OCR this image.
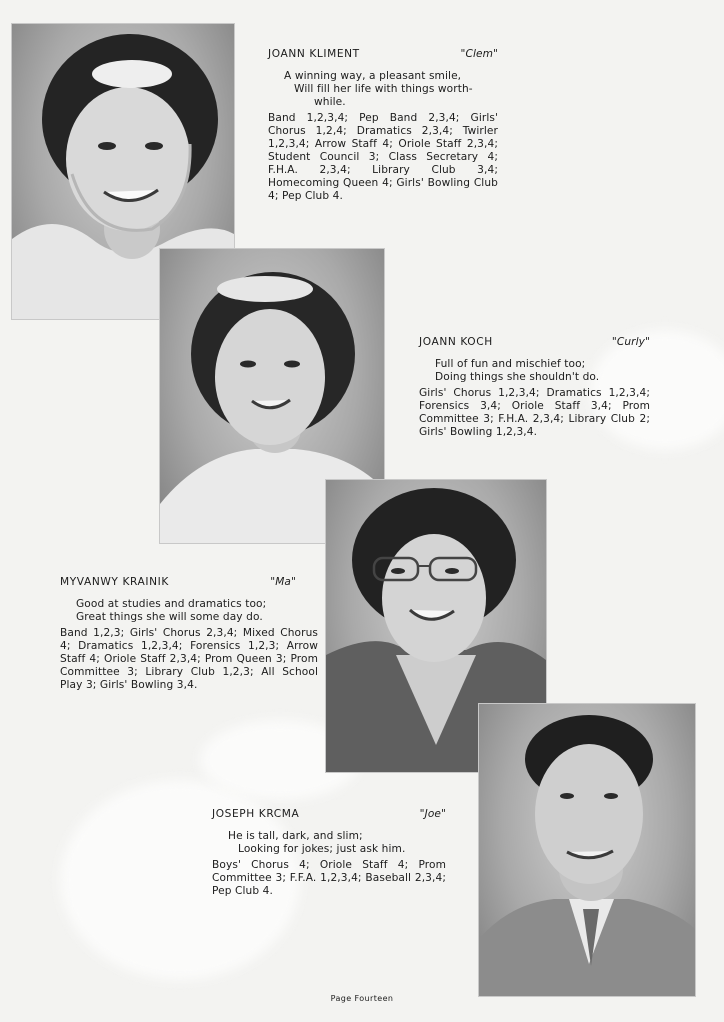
JOANN KLIMENT	"Clem"
A winning way, a pleasant smile,
Will fill her life with things worth-
while.
Band 1,2,3,4; Pep Band 2,3,4; Girls' Chorus 1,2,4; Dramatics 2,3,4; Twirler 1,2,3,4; Arrow Staff 4; Oriole Staff 2,3,4; Student Council 3; Class Secretary 4; F.H.A. 2,3,4; Library Club 3,4; Homecoming Queen 4; Girls' Bowling Club 4; Pep Club 4.
JOANN KOCH	"Curly"
Full of fun and mischief too;
Doing things she shouldn't do.
Girls' Chorus 1,2,3,4; Dramatics 1,2,3,4; Forensics 3,4; Oriole Staff 3,4; Prom Committee 3; F.H.A. 2,3,4; Library Club 2; Girls' Bowling 1,2,3,4.
MYVANWY KRAINIK	"Ma"
Good at studies and dramatics too;
Great things she will some day do.
Band 1,2,3; Girls' Chorus 2,3,4; Mixed Chorus 4; Dramatics 1,2,3,4; Forensics 1,2,3; Arrow Staff 4; Oriole Staff 2,3,4; Prom Queen 3; Prom Committee 3; Library Club 1,2,3; All School Play 3; Girls' Bowling 3,4.
JOSEPH KRCMA	"Joe"
He is tall, dark, and slim;
Looking for jokes; just ask him.
Boys' Chorus 4; Oriole Staff 4; Prom Committee 3; F.F.A. 1,2,3,4; Baseball 2,3,4; Pep Club 4.
Page Fourteen
